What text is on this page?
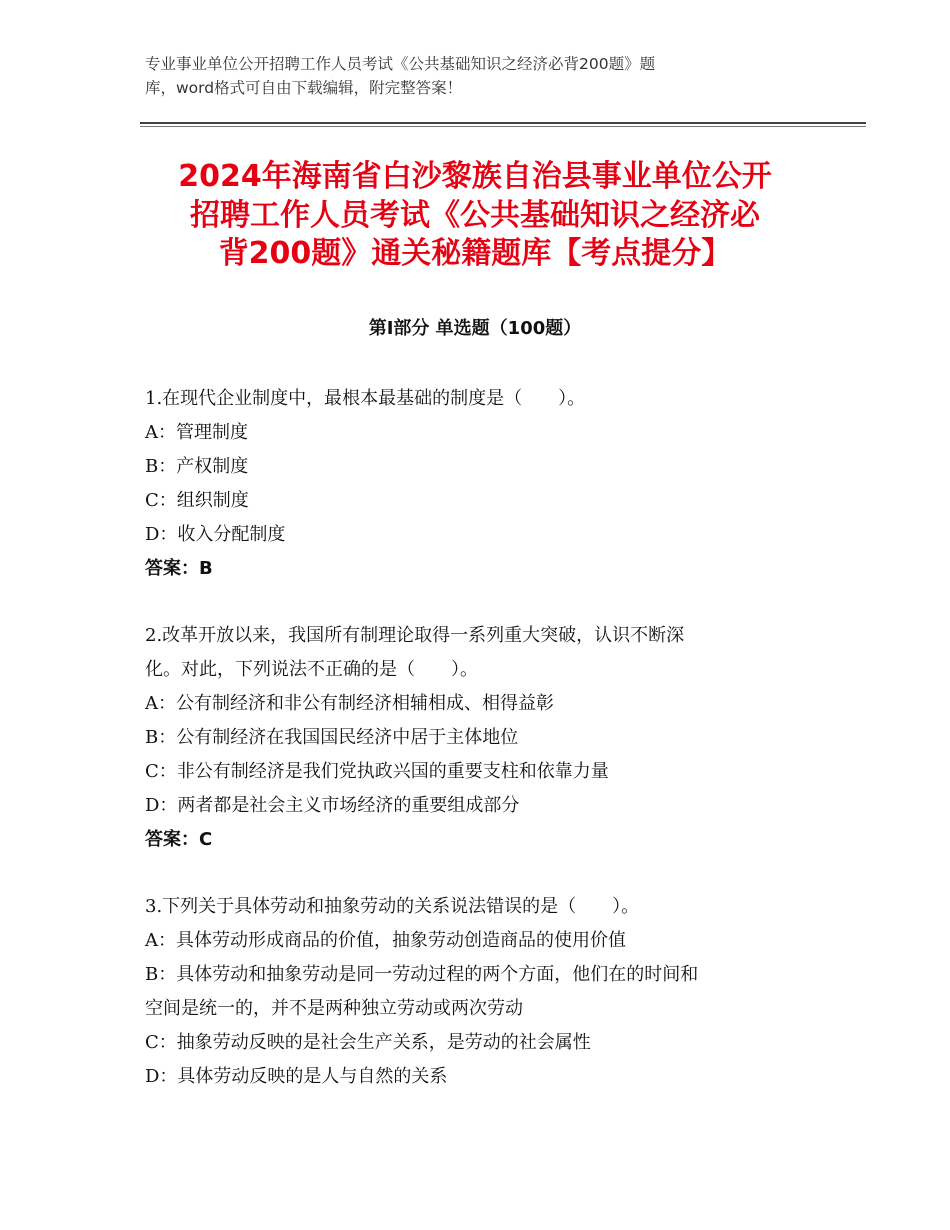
专业事业单位公开招聘工作人员考试《公共基础知识之经济必背200题》题
库，word格式可自由下载编辑，附完整答案！
2024年海南省白沙黎族自治县事业单位公开
招聘工作人员考试《公共基础知识之经济必
背200题》通关秘籍题库【考点提分】
第Ⅰ部分 单选题（100题）
1.在现代企业制度中，最根本最基础的制度是（　　）。
A：管理制度
B：产权制度
C：组织制度
D：收入分配制度
答案：B
2.改革开放以来，我国所有制理论取得一系列重大突破，认识不断深
化。对此，下列说法不正确的是（　　）。
A：公有制经济和非公有制经济相辅相成、相得益彰
B：公有制经济在我国国民经济中居于主体地位
C：非公有制经济是我们党执政兴国的重要支柱和依靠力量
D：两者都是社会主义市场经济的重要组成部分
答案：C
3.下列关于具体劳动和抽象劳动的关系说法错误的是（　　）。
A：具体劳动形成商品的价值，抽象劳动创造商品的使用价值
B：具体劳动和抽象劳动是同一劳动过程的两个方面，他们在的时间和
空间是统一的，并不是两种独立劳动或两次劳动
C：抽象劳动反映的是社会生产关系，是劳动的社会属性
D：具体劳动反映的是人与自然的关系
